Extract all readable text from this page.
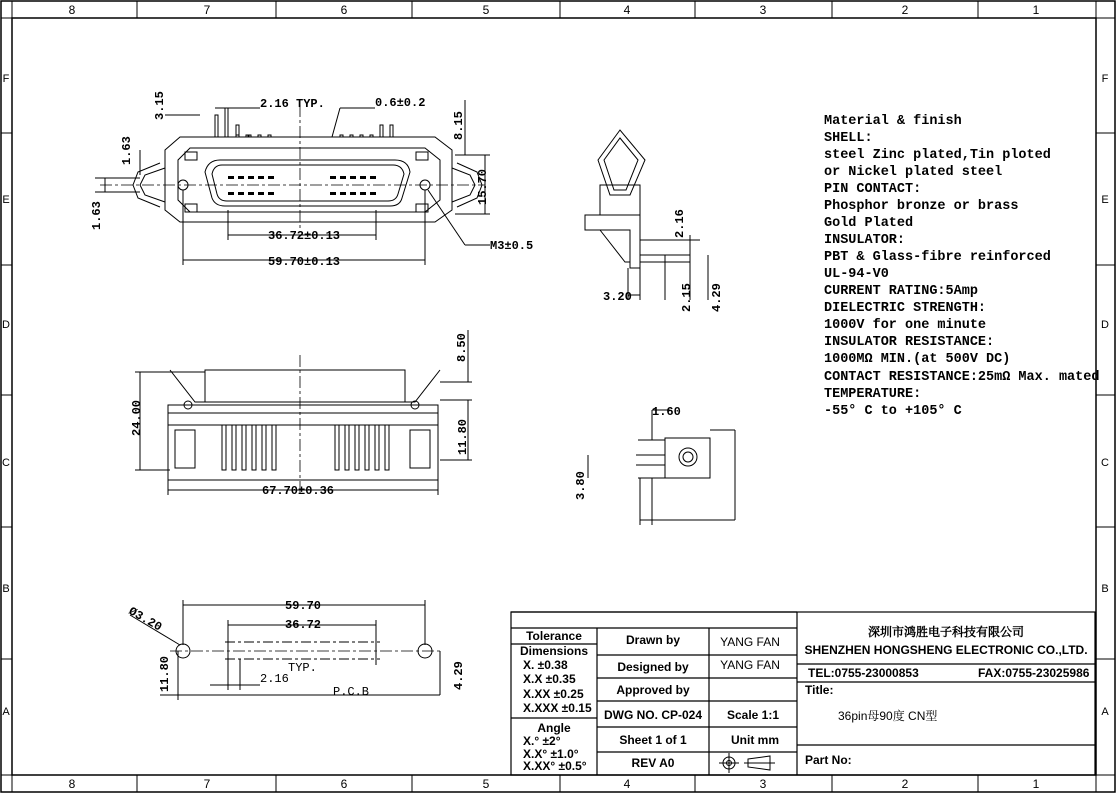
8	7	6	5	4	3	2	1
8	7	6	5	4	3	2	1
F
E
D
C
B
A
F
E
D
C
B
A
2.16 TYP.	0.6±0.2
3.15
1.63
1.63
8.15
15.70
36.72±0.13
59.70±0.13
M3±0.5
2.16
3.20	2.15 4.29
8.50
24.00
11.80
67.70±0.36
1.60
3.80
59.70
36.72
Ø3.20
11.80	TYP.
2.16	4.29
P.C.B
Material & finish
SHELL:
steel Zinc plated,Tin ploted
or Nickel plated steel
PIN CONTACT:
Phosphor bronze or brass
Gold Plated
INSULATOR:
PBT & Glass-fibre reinforced
UL-94-V0
CURRENT RATING:5Amp
DIELECTRIC STRENGTH:
1000V for one minute
INSULATOR RESISTANCE:
1000MΩ MIN.(at 500V DC)
CONTACT RESISTANCE:25mΩ Max. mated
TEMPERATURE:
-55° C to +105° C
Tolerance
Dimensions
X. ±0.38
X.X ±0.35
X.XX ±0.25
X.XXX ±0.15
Angle
X.° ±2°
X.X° ±1.0°
X.XX° ±0.5°
Drawn by	YANG FAN
Designed by	YANG FAN
Approved by
DWG NO. CP-024 Scale 1:1
Sheet 1 of 1	Unit mm
REV A0
深圳市鸿胜电子科技有限公司
SHENZHEN HONGSHENG ELECTRONIC CO.,LTD.
TEL:0755-23000853	FAX:0755-23025986
Title:
36pin母90度 CN型
Part No:
